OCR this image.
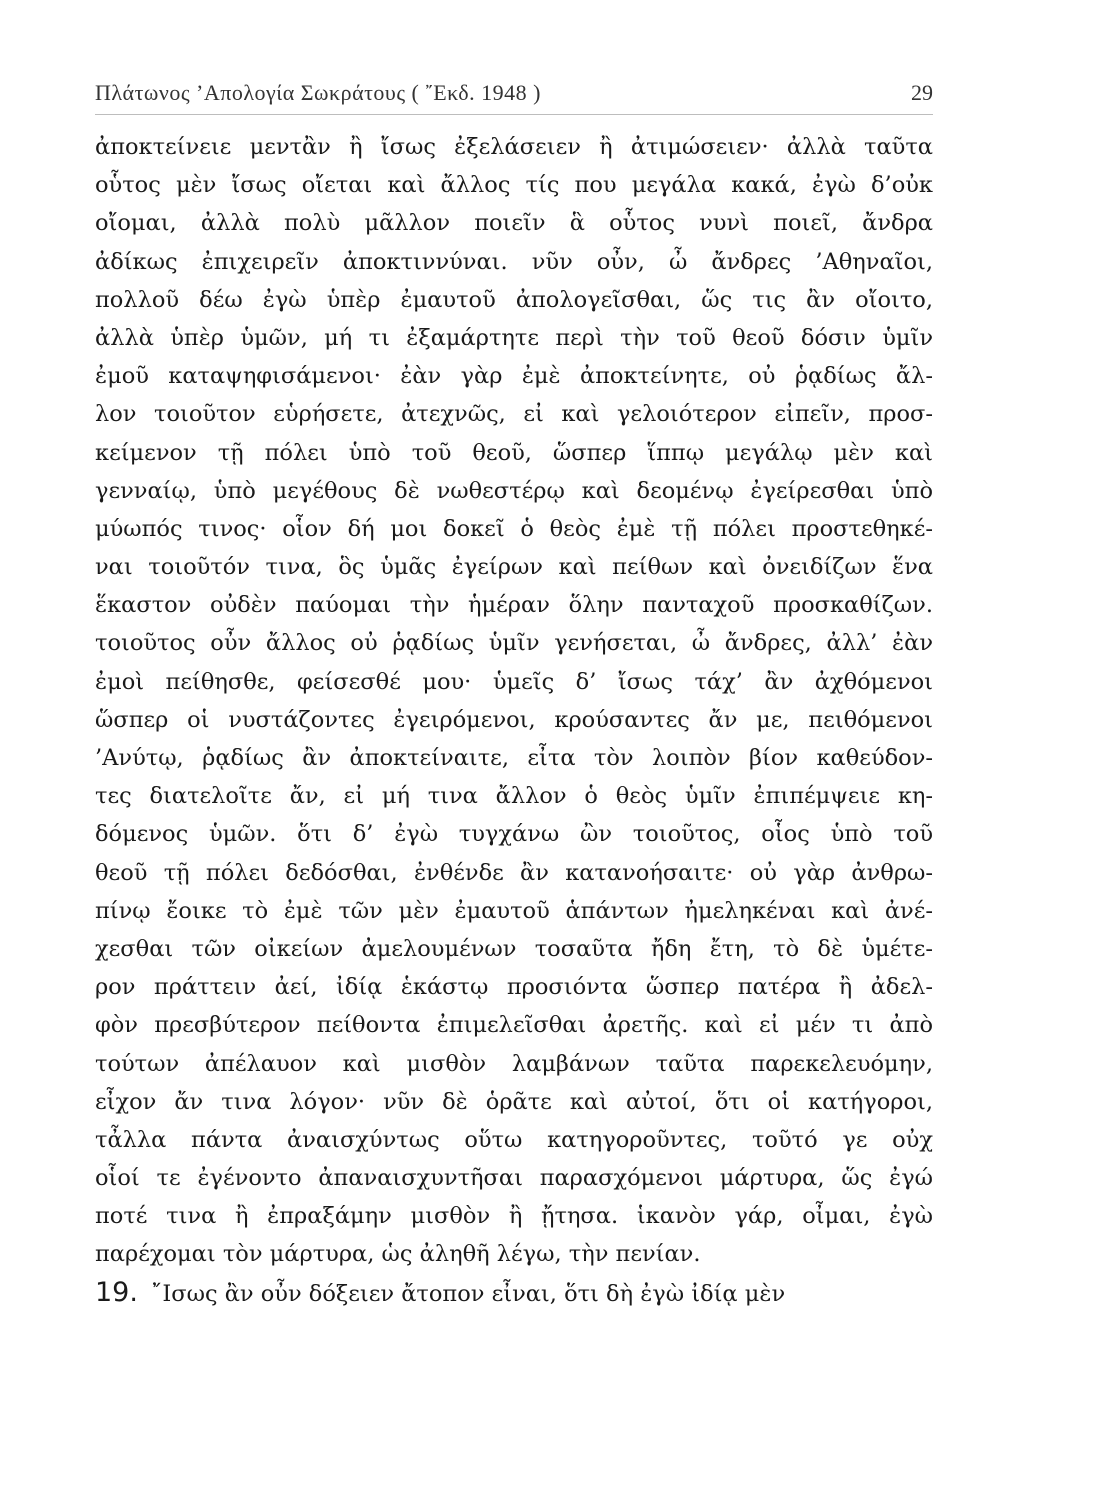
Πλάτωνος ’Απολογία Σωκράτους ( ῎Εκδ. 1948 )	29
ἀποκτείνειε μεντἂν ἢ ἴσως ἐξελάσειεν ἢ ἀτιμώσειεν· ἀλλὰ ταῦτα
οὗτος μὲν ἴσως οἴεται καὶ ἄλλος τίς που μεγάλα κακά, ἐγὼ δ’οὐκ
οἴομαι, ἀλλὰ πολὺ μᾶλλον ποιεῖν ἃ οὗτος νυνὶ ποιεῖ, ἄνδρα
ἀδίκως ἐπιχειρεῖν ἀποκτιννύναι. νῦν οὖν, ὦ ἄνδρες ’Αθηναῖοι,
πολλοῦ δέω ἐγὼ ὑπὲρ ἐμαυτοῦ ἀπολογεῖσθαι, ὥς τις ἂν οἴοιτο,
ἀλλὰ ὑπὲρ ὑμῶν, μή τι ἐξαμάρτητε περὶ τὴν τοῦ θεοῦ δόσιν ὑμῖν
ἐμοῦ καταψηφισάμενοι· ἐὰν γὰρ ἐμὲ ἀποκτείνητε, οὐ ῥᾳδίως ἄλ-
λον τοιοῦτον εὑρήσετε, ἀτεχνῶς, εἰ καὶ γελοιότερον εἰπεῖν, προσ-
κείμενον τῇ πόλει ὑπὸ τοῦ θεοῦ, ὥσπερ ἵππῳ μεγάλῳ μὲν καὶ
γενναίῳ, ὑπὸ μεγέθους δὲ νωθεστέρῳ καὶ δεομένῳ ἐγείρεσθαι ὑπὸ
μύωπός τινος· οἷον δή μοι δοκεῖ ὁ θεὸς ἐμὲ τῇ πόλει προστεθηκέ-
ναι τοιοῦτόν τινα, ὃς ὑμᾶς ἐγείρων καὶ πείθων καὶ ὀνειδίζων ἕνα
ἕκαστον οὐδὲν παύομαι τὴν ἡμέραν ὅλην πανταχοῦ προσκαθίζων.
τοιοῦτος οὖν ἄλλος οὐ ῥᾳδίως ὑμῖν γενήσεται, ὦ ἄνδρες, ἀλλ’ ἐὰν
ἐμοὶ πείθησθε, φείσεσθέ μου· ὑμεῖς δ’ ἴσως τάχ’ ἂν ἀχθόμενοι
ὥσπερ οἱ νυστάζοντες ἐγειρόμενοι, κρούσαντες ἄν με, πειθόμενοι
’Ανύτῳ, ῥᾳδίως ἂν ἀποκτείναιτε, εἶτα τὸν λοιπὸν βίον καθεύδον-
τες διατελοῖτε ἄν, εἰ μή τινα ἄλλον ὁ θεὸς ὑμῖν ἐπιπέμψειε κη-
δόμενος ὑμῶν. ὅτι δ’ ἐγὼ τυγχάνω ὢν τοιοῦτος, οἷος ὑπὸ τοῦ
θεοῦ τῇ πόλει δεδόσθαι, ἐνθένδε ἂν κατανοήσαιτε· οὐ γὰρ ἀνθρω-
πίνῳ ἔοικε τὸ ἐμὲ τῶν μὲν ἐμαυτοῦ ἁπάντων ἠμεληκέναι καὶ ἀνέ-
χεσθαι τῶν οἰκείων ἀμελουμένων τοσαῦτα ἤδη ἔτη, τὸ δὲ ὑμέτε-
ρον πράττειν ἀεί, ἰδίᾳ ἑκάστῳ προσιόντα ὥσπερ πατέρα ἢ ἀδελ-
φὸν πρεσβύτερον πείθοντα ἐπιμελεῖσθαι ἀρετῆς. καὶ εἰ μέν τι ἀπὸ
τούτων ἀπέλαυον καὶ μισθὸν λαμβάνων ταῦτα παρεκελευόμην,
εἶχον ἄν τινα λόγον· νῦν δὲ ὁρᾶτε καὶ αὐτοί, ὅτι οἱ κατήγοροι,
τἆλλα πάντα ἀναισχύντως οὕτω κατηγοροῦντες, τοῦτό γε οὐχ
οἷοί τε ἐγένοντο ἀπαναισχυντῆσαι παρασχόμενοι μάρτυρα, ὥς ἐγώ
ποτέ τινα ἢ ἐπραξάμην μισθὸν ἢ ᾔτησα. ἱκανὸν γάρ, οἶμαι, ἐγὼ
παρέχομαι τὸν μάρτυρα, ὡς ἀληθῆ λέγω, τὴν πενίαν.
19. ῎Ισως ἂν οὖν δόξειεν ἄτοπον εἶναι, ὅτι δὴ ἐγὼ ἰδίᾳ μὲν
